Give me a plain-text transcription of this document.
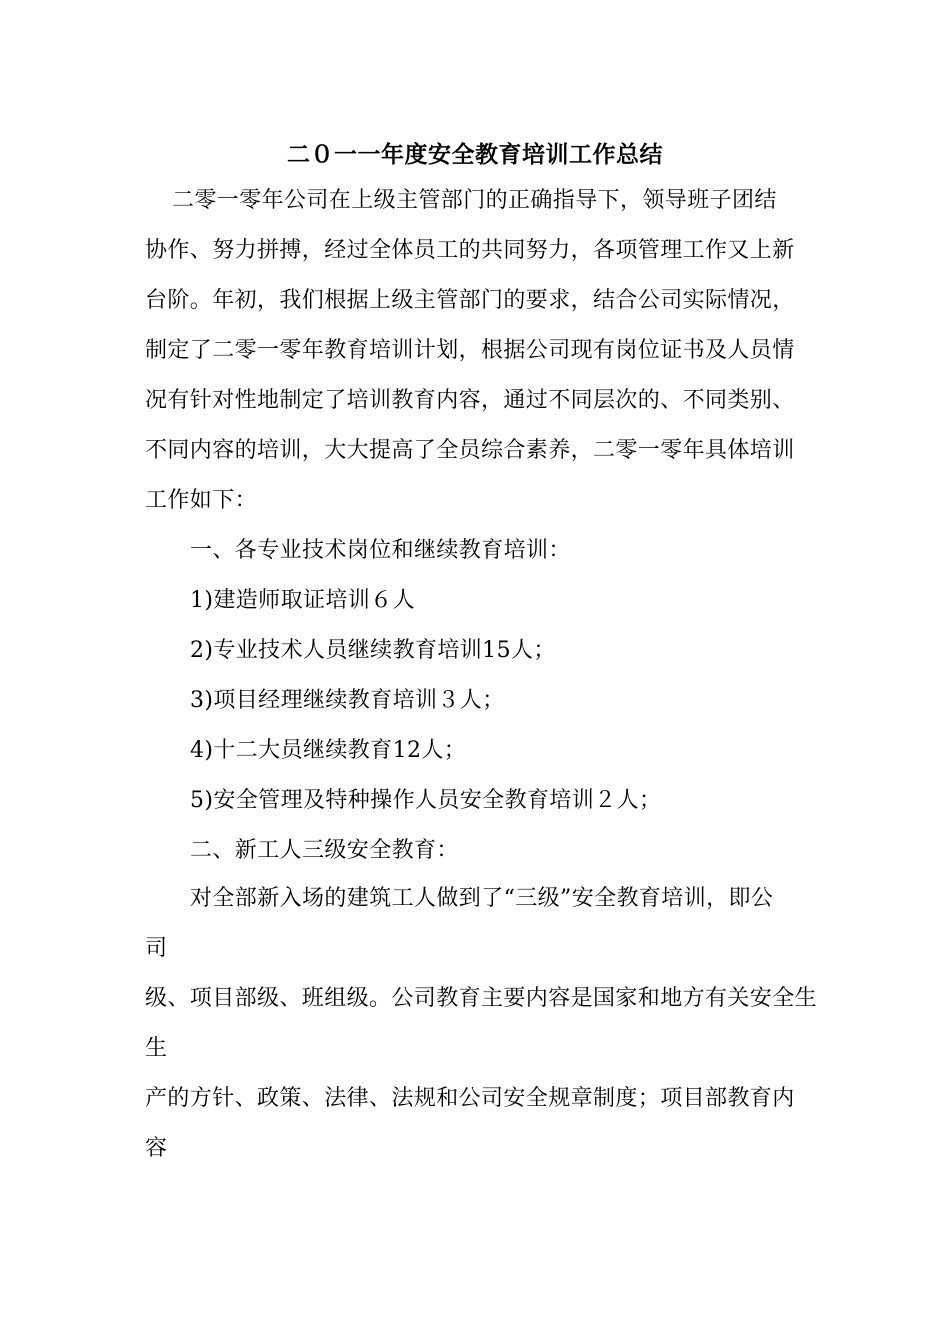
二０一一年度安全教育培训工作总结
二零一零年公司在上级主管部门的正确指导下，领导班子团结
协作、努力拼搏，经过全体员工的共同努力，各项管理工作又上新
台阶。年初，我们根据上级主管部门的要求，结合公司实际情况，
制定了二零一零年教育培训计划，根据公司现有岗位证书及人员情
况有针对性地制定了培训教育内容，通过不同层次的、不同类别、
不同内容的培训，大大提高了全员综合素养，二零一零年具体培训
工作如下：
一、各专业技术岗位和继续教育培训：
1)建造师取证培训６人
2)专业技术人员继续教育培训15人；
3)项目经理继续教育培训３人；
4)十二大员继续教育12人；
5)安全管理及特种操作人员安全教育培训２人；
二、新工人三级安全教育：
对全部新入场的建筑工人做到了“三级”安全教育培训，即公
司
级、项目部级、班组级。公司教育主要内容是国家和地方有关安全生
生
产的方针、政策、法律、法规和公司安全规章制度；项目部教育内
容
